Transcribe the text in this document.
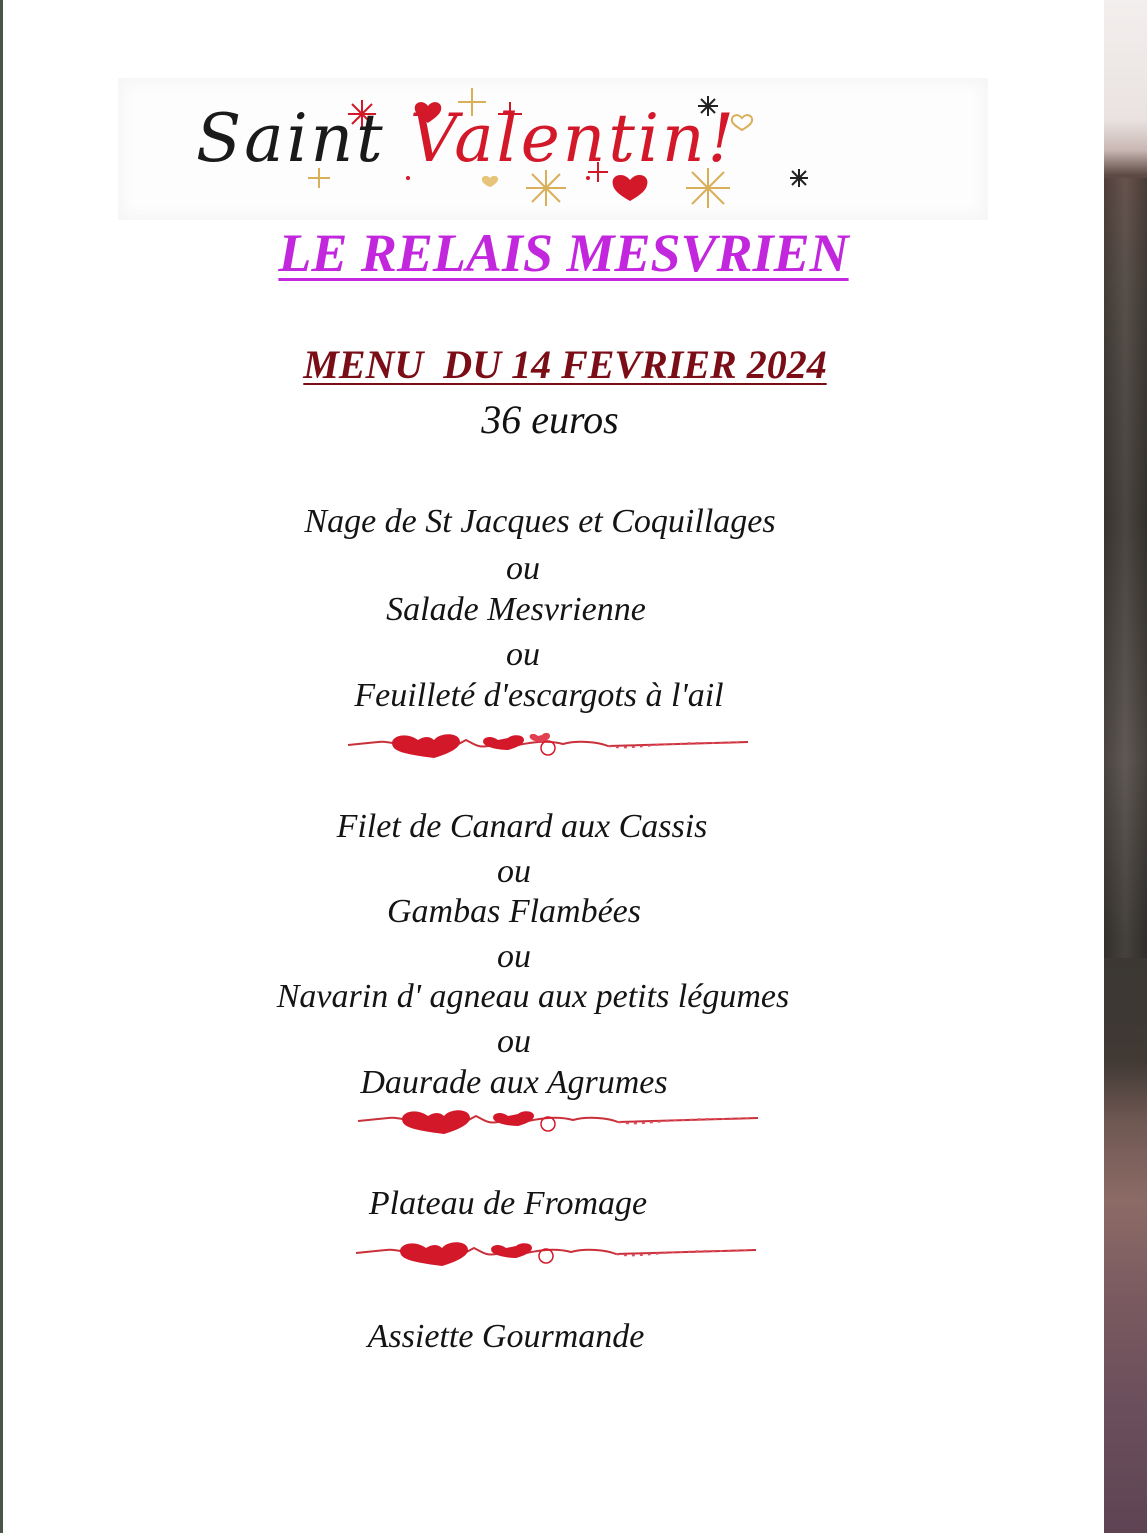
Saint Valentin!
LE RELAIS MESVRIEN
MENU  DU 14 FEVRIER 2024
36 euros
Nage de St Jacques et Coquillages
ou
Salade Mesvrienne
ou
Feuilleté d'escargots à l'ail
Filet de Canard aux Cassis
ou
Gambas Flambées
ou
Navarin d' agneau aux petits légumes
ou
Daurade aux Agrumes
Plateau de Fromage
Assiette Gourmande
